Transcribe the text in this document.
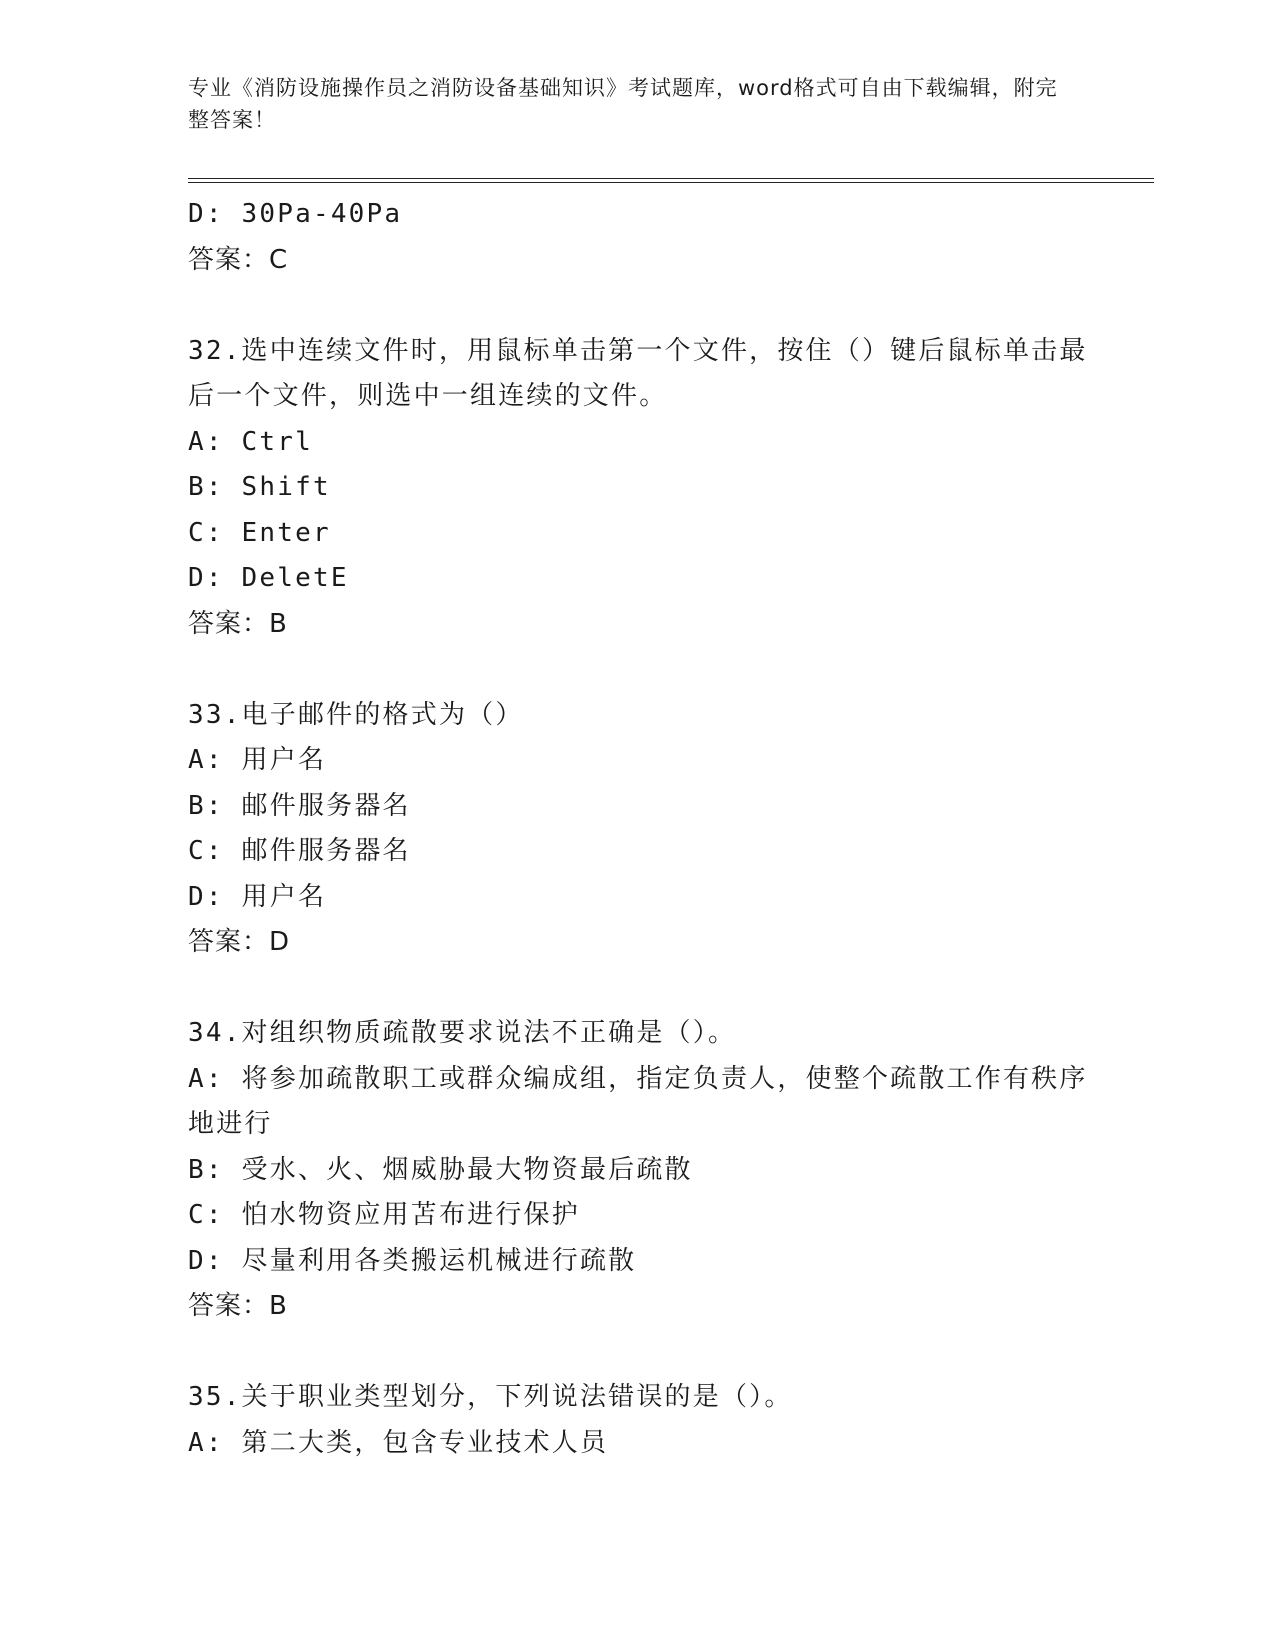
专业《消防设施操作员之消防设备基础知识》考试题库，word格式可自由下载编辑，附完整答案！
D: 30Pa-40Pa
答案：C
32.选中连续文件时，用鼠标单击第一个文件，按住（）键后鼠标单击最后一个文件，则选中一组连续的文件。
A: Ctrl
B: Shift
C: Enter
D: DeletE
答案：B
33.电子邮件的格式为（）
A: 用户名
B: 邮件服务器名
C: 邮件服务器名
D: 用户名
答案：D
34.对组织物质疏散要求说法不正确是（）。
A: 将参加疏散职工或群众编成组，指定负责人，使整个疏散工作有秩序地进行
B: 受水、火、烟威胁最大物资最后疏散
C: 怕水物资应用苫布进行保护
D: 尽量利用各类搬运机械进行疏散
答案：B
35.关于职业类型划分，下列说法错误的是（）。
A: 第二大类，包含专业技术人员
